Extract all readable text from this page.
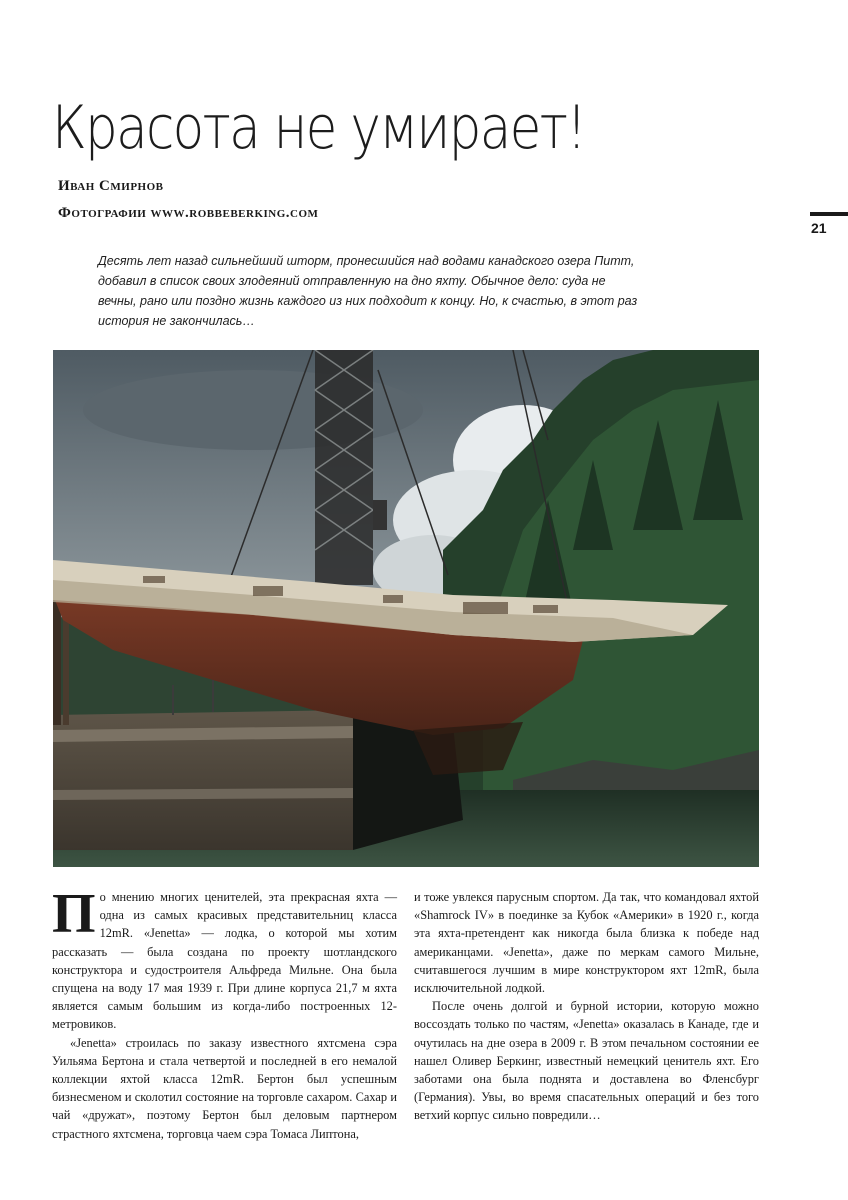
Красота не умирает!
Иван Смирнов
Фотографии www.robbeberking.com
21

Десять лет назад сильнейший шторм, пронесшийся над водами канадского озера Питт, добавил в список своих злодеяний отправленную на дно яхту. Обычное дело: суда не вечны, рано или поздно жизнь каждого из них подходит к концу. Но, к счастью, в этот раз история не закончилась…

По мнению многих ценителей, эта прекрасная яхта — одна из самых красивых представительниц класса 12mR. «Jenetta» — лодка, о которой мы хотим рассказать — была создана по проекту шотландского конструктора и судостроителя Альфреда Мильне. Она была спущена на воду 17 мая 1939 г. При длине корпуса 21,7 м яхта является самым большим из когда-либо построенных 12-метровиков.

«Jenetta» строилась по заказу известного яхтсмена сэра Уильяма Бертона и стала четвертой и последней в его немалой коллекции яхтой класса 12mR. Бертон был успешным бизнесменом и сколотил состояние на торговле сахаром. Сахар и чай «дружат», поэтому Бертон был деловым партнером страстного яхтсмена, торговца чаем сэра Томаса Липтона,

и тоже увлекся парусным спортом. Да так, что командовал яхтой «Shamrock IV» в поединке за Кубок «Америки» в 1920 г., когда эта яхта-претендент как никогда была близка к победе над американцами. «Jenetta», даже по меркам самого Мильне, считавшегося лучшим в мире конструктором яхт 12mR, была исключительной лодкой.

После очень долгой и бурной истории, которую можно воссоздать только по частям, «Jenetta» оказалась в Канаде, где и очутилась на дне озера в 2009 г. В этом печальном состоянии ее нашел Оливер Беркинг, известный немецкий ценитель яхт. Его заботами она была поднята и доставлена во Фленсбург (Германия). Увы, во время спасательных операций и без того ветхий корпус сильно повредили…
